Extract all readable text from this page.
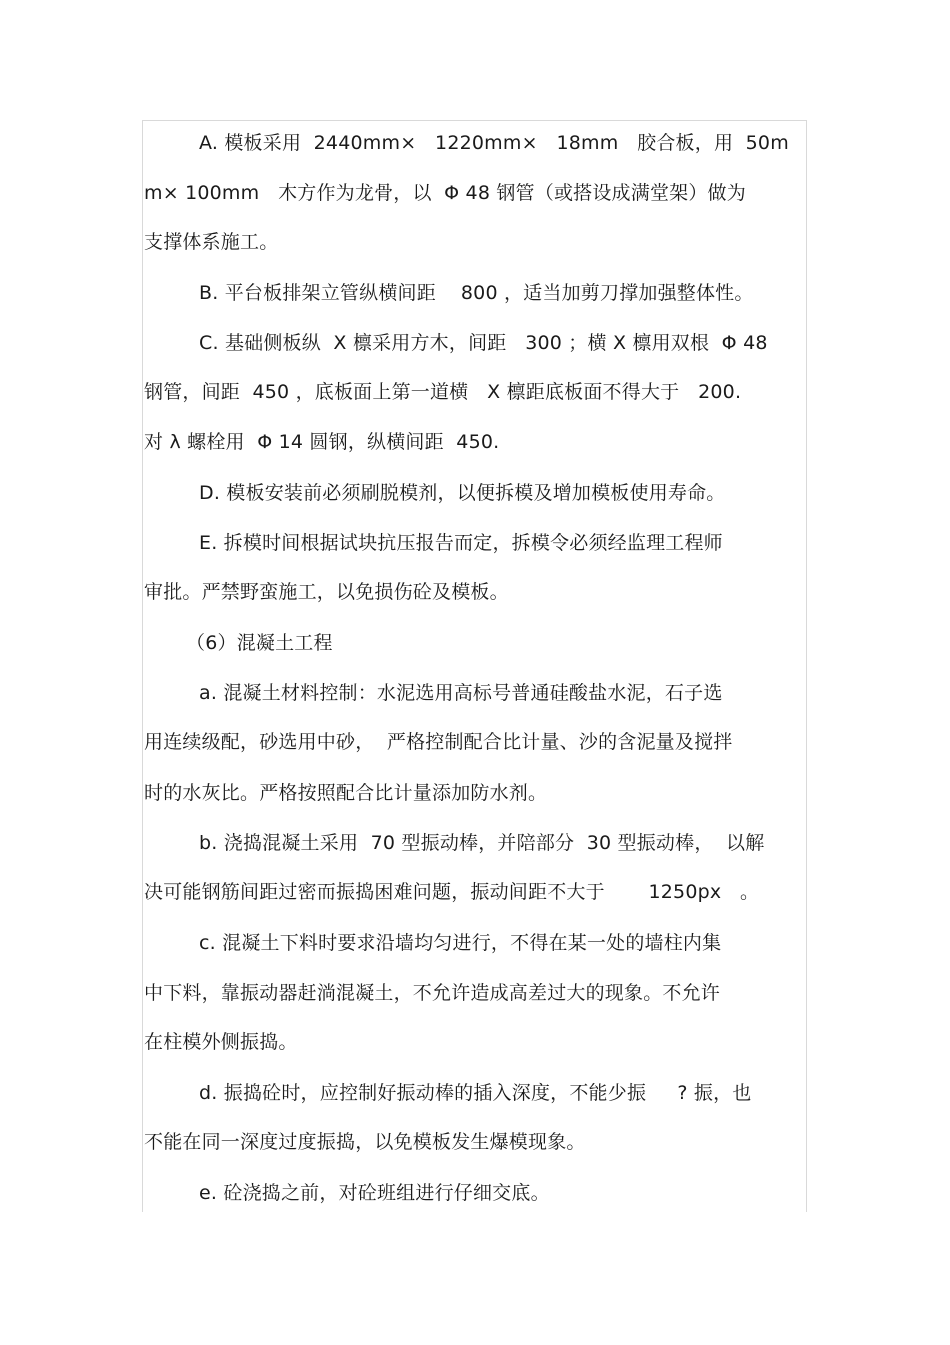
A. 模板采用  2440mm×   1220mm×   18mm   胶合板，用  50m
m× 100mm   木方作为龙骨，以  Φ 48 钢管（或搭设成满堂架）做为
支撑体系施工。
B. 平台板排架立管纵横间距    800 ，适当加剪刀撑加强整体性。
C. 基础侧板纵  X 檩采用方木，间距   300 ；横 X 檩用双根  Φ 48
钢管，间距  450 ，底板面上第一道横   X 檩距底板面不得大于   200.
对 λ 螺栓用  Φ 14 圆钢，纵横间距  450.
D. 模板安装前必须刷脱模剂，以便拆模及增加模板使用寿命。
E. 拆模时间根据试块抗压报告而定，拆模令必须经监理工程师
审批。严禁野蛮施工，以免损伤砼及模板。
（6）混凝土工程
a. 混凝土材料控制：水泥选用高标号普通硅酸盐水泥，石子选
用连续级配，砂选用中砂，  严格控制配合比计量、沙的含泥量及搅拌
时的水灰比。严格按照配合比计量添加防水剂。
b. 浇捣混凝土采用  70 型振动棒，并陪部分  30 型振动棒，  以解
决可能钢筋间距过密而振捣困难问题，振动间距不大于       1250px   。
c. 混凝土下料时要求沿墙均匀进行，不得在某一处的墙柱内集
中下料，靠振动器赶淌混凝土，不允许造成高差过大的现象。不允许
在柱模外侧振捣。
d. 振捣砼时，应控制好振动棒的插入深度，不能少振     ? 振，也
不能在同一深度过度振捣，以免模板发生爆模现象。
e. 砼浇捣之前，对砼班组进行仔细交底。
